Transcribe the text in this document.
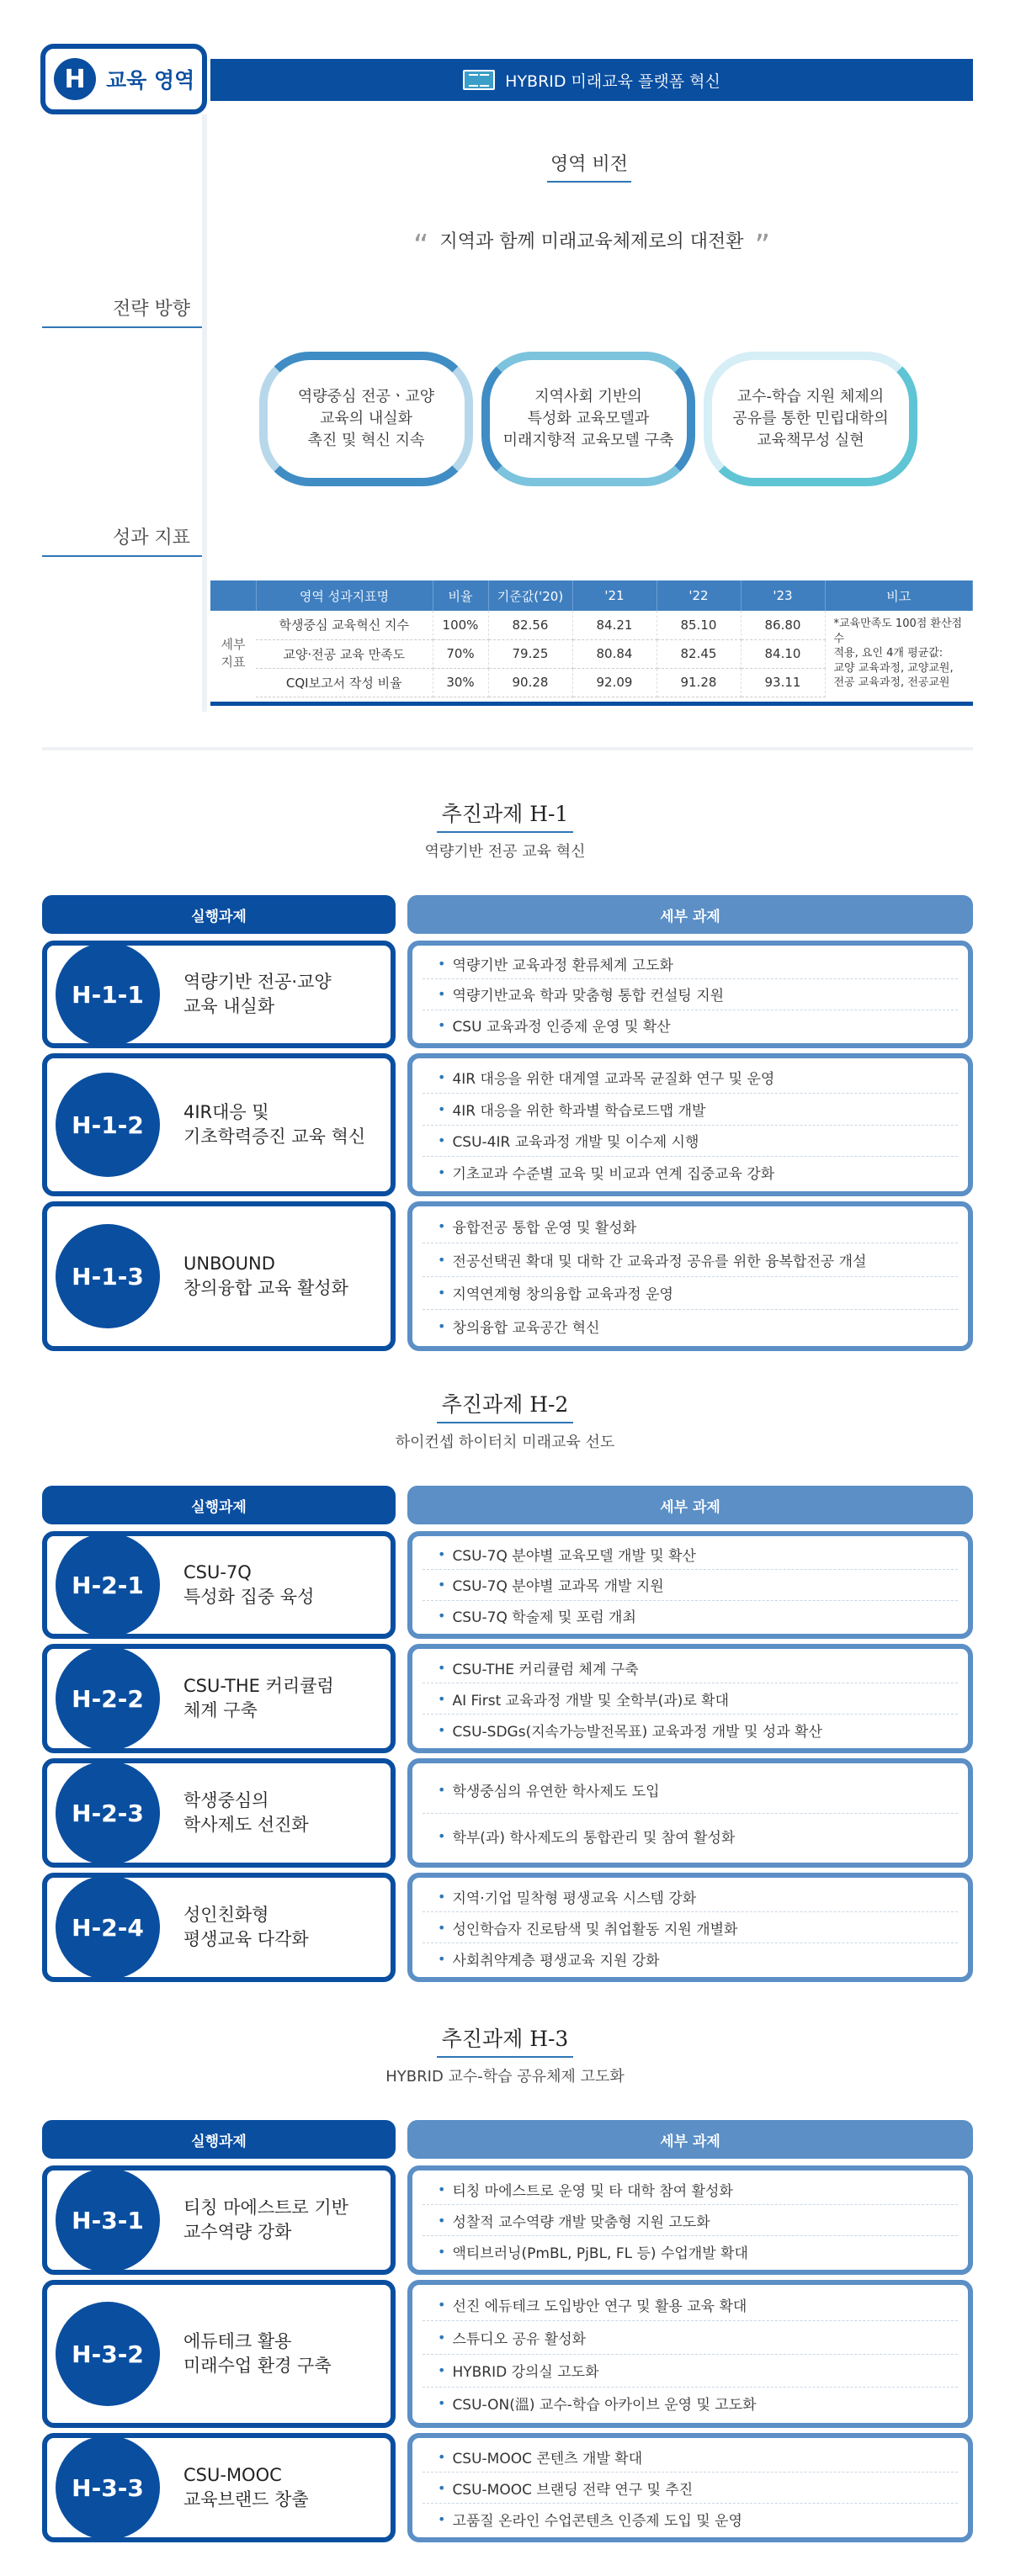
H 교육 영역	HYBRID 미래교육 플랫폼 혁신
영역 비전
“ 지역과 함께 미래교육체제로의 대전환 ”
전략 방향
역량중심 전공ㆍ교양
교육의 내실화
촉진 및 혁신 지속
지역사회 기반의
특성화 교육모델과
미래지향적 교육모델 구축
교수-학습 지원 체제의
공유를 통한 민립대학의
교육책무성 실현
성과 지표
	영역 성과지표명	비율	기준값('20)	'21	'22	'23	비고
세부
지표	학생중심 교육혁신 지수	100%	82.56	84.21	85.10	86.80	*교육만족도 100점 환산점수
적용, 요인 4개 평균값:
교양 교육과정, 교양교원,
전공 교육과정, 전공교원
	교양·전공 교육 만족도	70%	79.25	80.84	82.45	84.10	
	CQI보고서 작성 비율	30%	90.28	92.09	91.28	93.11	
추진과제 H-1
역량기반 전공 교육 혁신
실행과제	세부 과제
H-1-1	역량기반 전공·교양
교육 내실화
• 역량기반 교육과정 환류체계 고도화
• 역량기반교육 학과 맞춤형 통합 컨설팅 지원
• CSU 교육과정 인증제 운영 및 확산
H-1-2	4IR대응 및
기초학력증진 교육 혁신
• 4IR 대응을 위한 대계열 교과목 균질화 연구 및 운영
• 4IR 대응을 위한 학과별 학습로드맵 개발
• CSU-4IR 교육과정 개발 및 이수제 시행
• 기초교과 수준별 교육 및 비교과 연계 집중교육 강화
H-1-3	UNBOUND
창의융합 교육 활성화
• 융합전공 통합 운영 및 활성화
• 전공선택권 확대 및 대학 간 교육과정 공유를 위한 융복합전공 개설
• 지역연계형 창의융합 교육과정 운영
• 창의융합 교육공간 혁신
추진과제 H-2
하이컨셉 하이터치 미래교육 선도
실행과제	세부 과제
H-2-1	CSU-7Q
특성화 집중 육성
• CSU-7Q 분야별 교육모델 개발 및 확산
• CSU-7Q 분야별 교과목 개발 지원
• CSU-7Q 학술제 및 포럼 개최
H-2-2	CSU-THE 커리큘럼
체계 구축
• CSU-THE 커리큘럼 체계 구축
• AI First 교육과정 개발 및 全학부(과)로 확대
• CSU-SDGs(지속가능발전목표) 교육과정 개발 및 성과 확산
H-2-3	학생중심의
학사제도 선진화
• 학생중심의 유연한 학사제도 도입
• 학부(과) 학사제도의 통합관리 및 참여 활성화
H-2-4	성인친화형
평생교육 다각화
• 지역·기업 밀착형 평생교육 시스템 강화
• 성인학습자 진로탐색 및 취업활동 지원 개별화
• 사회취약계층 평생교육 지원 강화
추진과제 H-3
HYBRID 교수-학습 공유체제 고도화
실행과제	세부 과제
H-3-1	티칭 마에스트로 기반
교수역량 강화
• 티칭 마에스트로 운영 및 타 대학 참여 활성화
• 성찰적 교수역량 개발 맞춤형 지원 고도화
• 액티브러닝(PmBL, PjBL, FL 등) 수업개발 확대
H-3-2	에듀테크 활용
미래수업 환경 구축
• 선진 에듀테크 도입방안 연구 및 활용 교육 확대
• 스튜디오 공유 활성화
• HYBRID 강의실 고도화
• CSU-ON(溫) 교수-학습 아카이브 운영 및 고도화
H-3-3	CSU-MOOC
교육브랜드 창출
• CSU-MOOC 콘텐츠 개발 확대
• CSU-MOOC 브랜딩 전략 연구 및 추진
• 고품질 온라인 수업콘텐츠 인증제 도입 및 운영
